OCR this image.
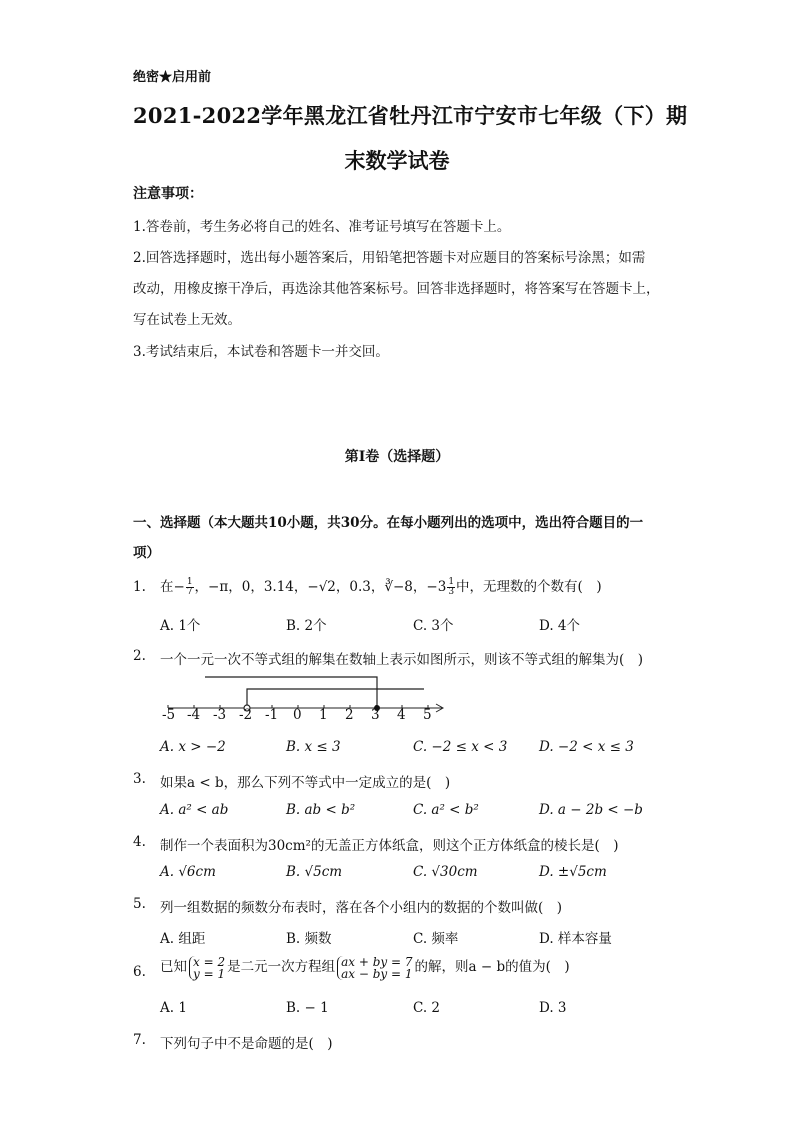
绝密★启用前
2021-2022学年黑龙江省牡丹江市宁安市七年级（下）期
末数学试卷
注意事项：
1.答卷前，考生务必将自己的姓名、准考证号填写在答题卡上。
2.回答选择题时，选出每小题答案后，用铅笔把答题卡对应题目的答案标号涂黑；如需
改动，用橡皮擦干净后，再选涂其他答案标号。回答非选择题时，将答案写在答题卡上，
写在试卷上无效。
3.考试结束后，本试卷和答题卡一并交回。
第I卷（选择题）
一、选择题（本大题共10小题，共30分。在每小题列出的选项中，选出符合题目的一
项）
1. 在− $\frac{1}{7}$ ，−π，0，3.14，−√2，0.3，∛−8，$-3 \frac{1}{3}$ 中，无理数的个数有(　)
A. 1个	B. 2个	C. 3个	D. 4个
2. 一个一元一次不等式组的解集在数轴上表示如图所示，则该不等式组的解集为(　)
-5 -4 -3 -2 -1 0 1 2 3 4 5
A. x > −2	B. x ≤ 3	C. −2 ≤ x < 3 D. −2 < x ≤ 3
3. 如果a < b，那么下列不等式中一定成立的是(　)
A. a² < ab	B. ab < b²	C. a² < b²	D. a − 2b < −b
4. 制作一个表面积为30cm²的无盖正方体纸盒，则这个正方体纸盒的棱长是(　)
A. √6cm	B. √5cm	C. √30cm	D. ±√5cm
5. 列一组数据的频数分布表时，落在各个小组内的数据的个数叫做(　)
A. 组距	B. 频数	C. 频率	D. 样本容量
6. 已知 x = 2
y = 1 是二元一次方程组 ax + by = 7
ax − by = 1 的解，则a − b的值为(　)
A. 1	B. − 1	C. 2	D. 3
7. 下列句子中不是命题的是(　)
